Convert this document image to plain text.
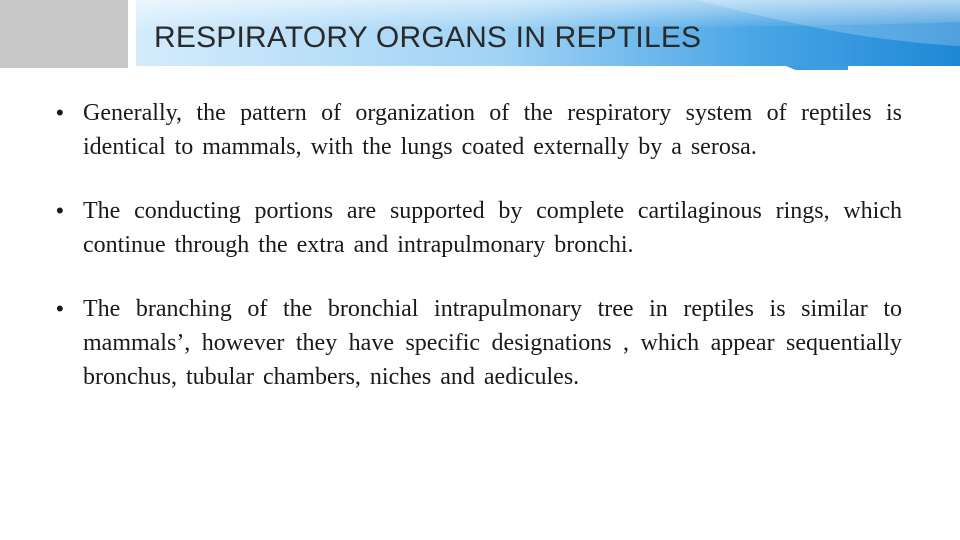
RESPIRATORY ORGANS IN REPTILES
• Generally, the pattern of organization of the respiratory system of reptiles is identical to mammals, with the lungs coated externally by a serosa.
• The conducting portions are supported by complete cartilaginous rings, which continue through the extra and intrapulmonary bronchi.
• The branching of the bronchial intrapulmonary tree in reptiles is similar to mammals’, however they have specific designations , which appear sequentially bronchus, tubular chambers, niches and aedicules.
